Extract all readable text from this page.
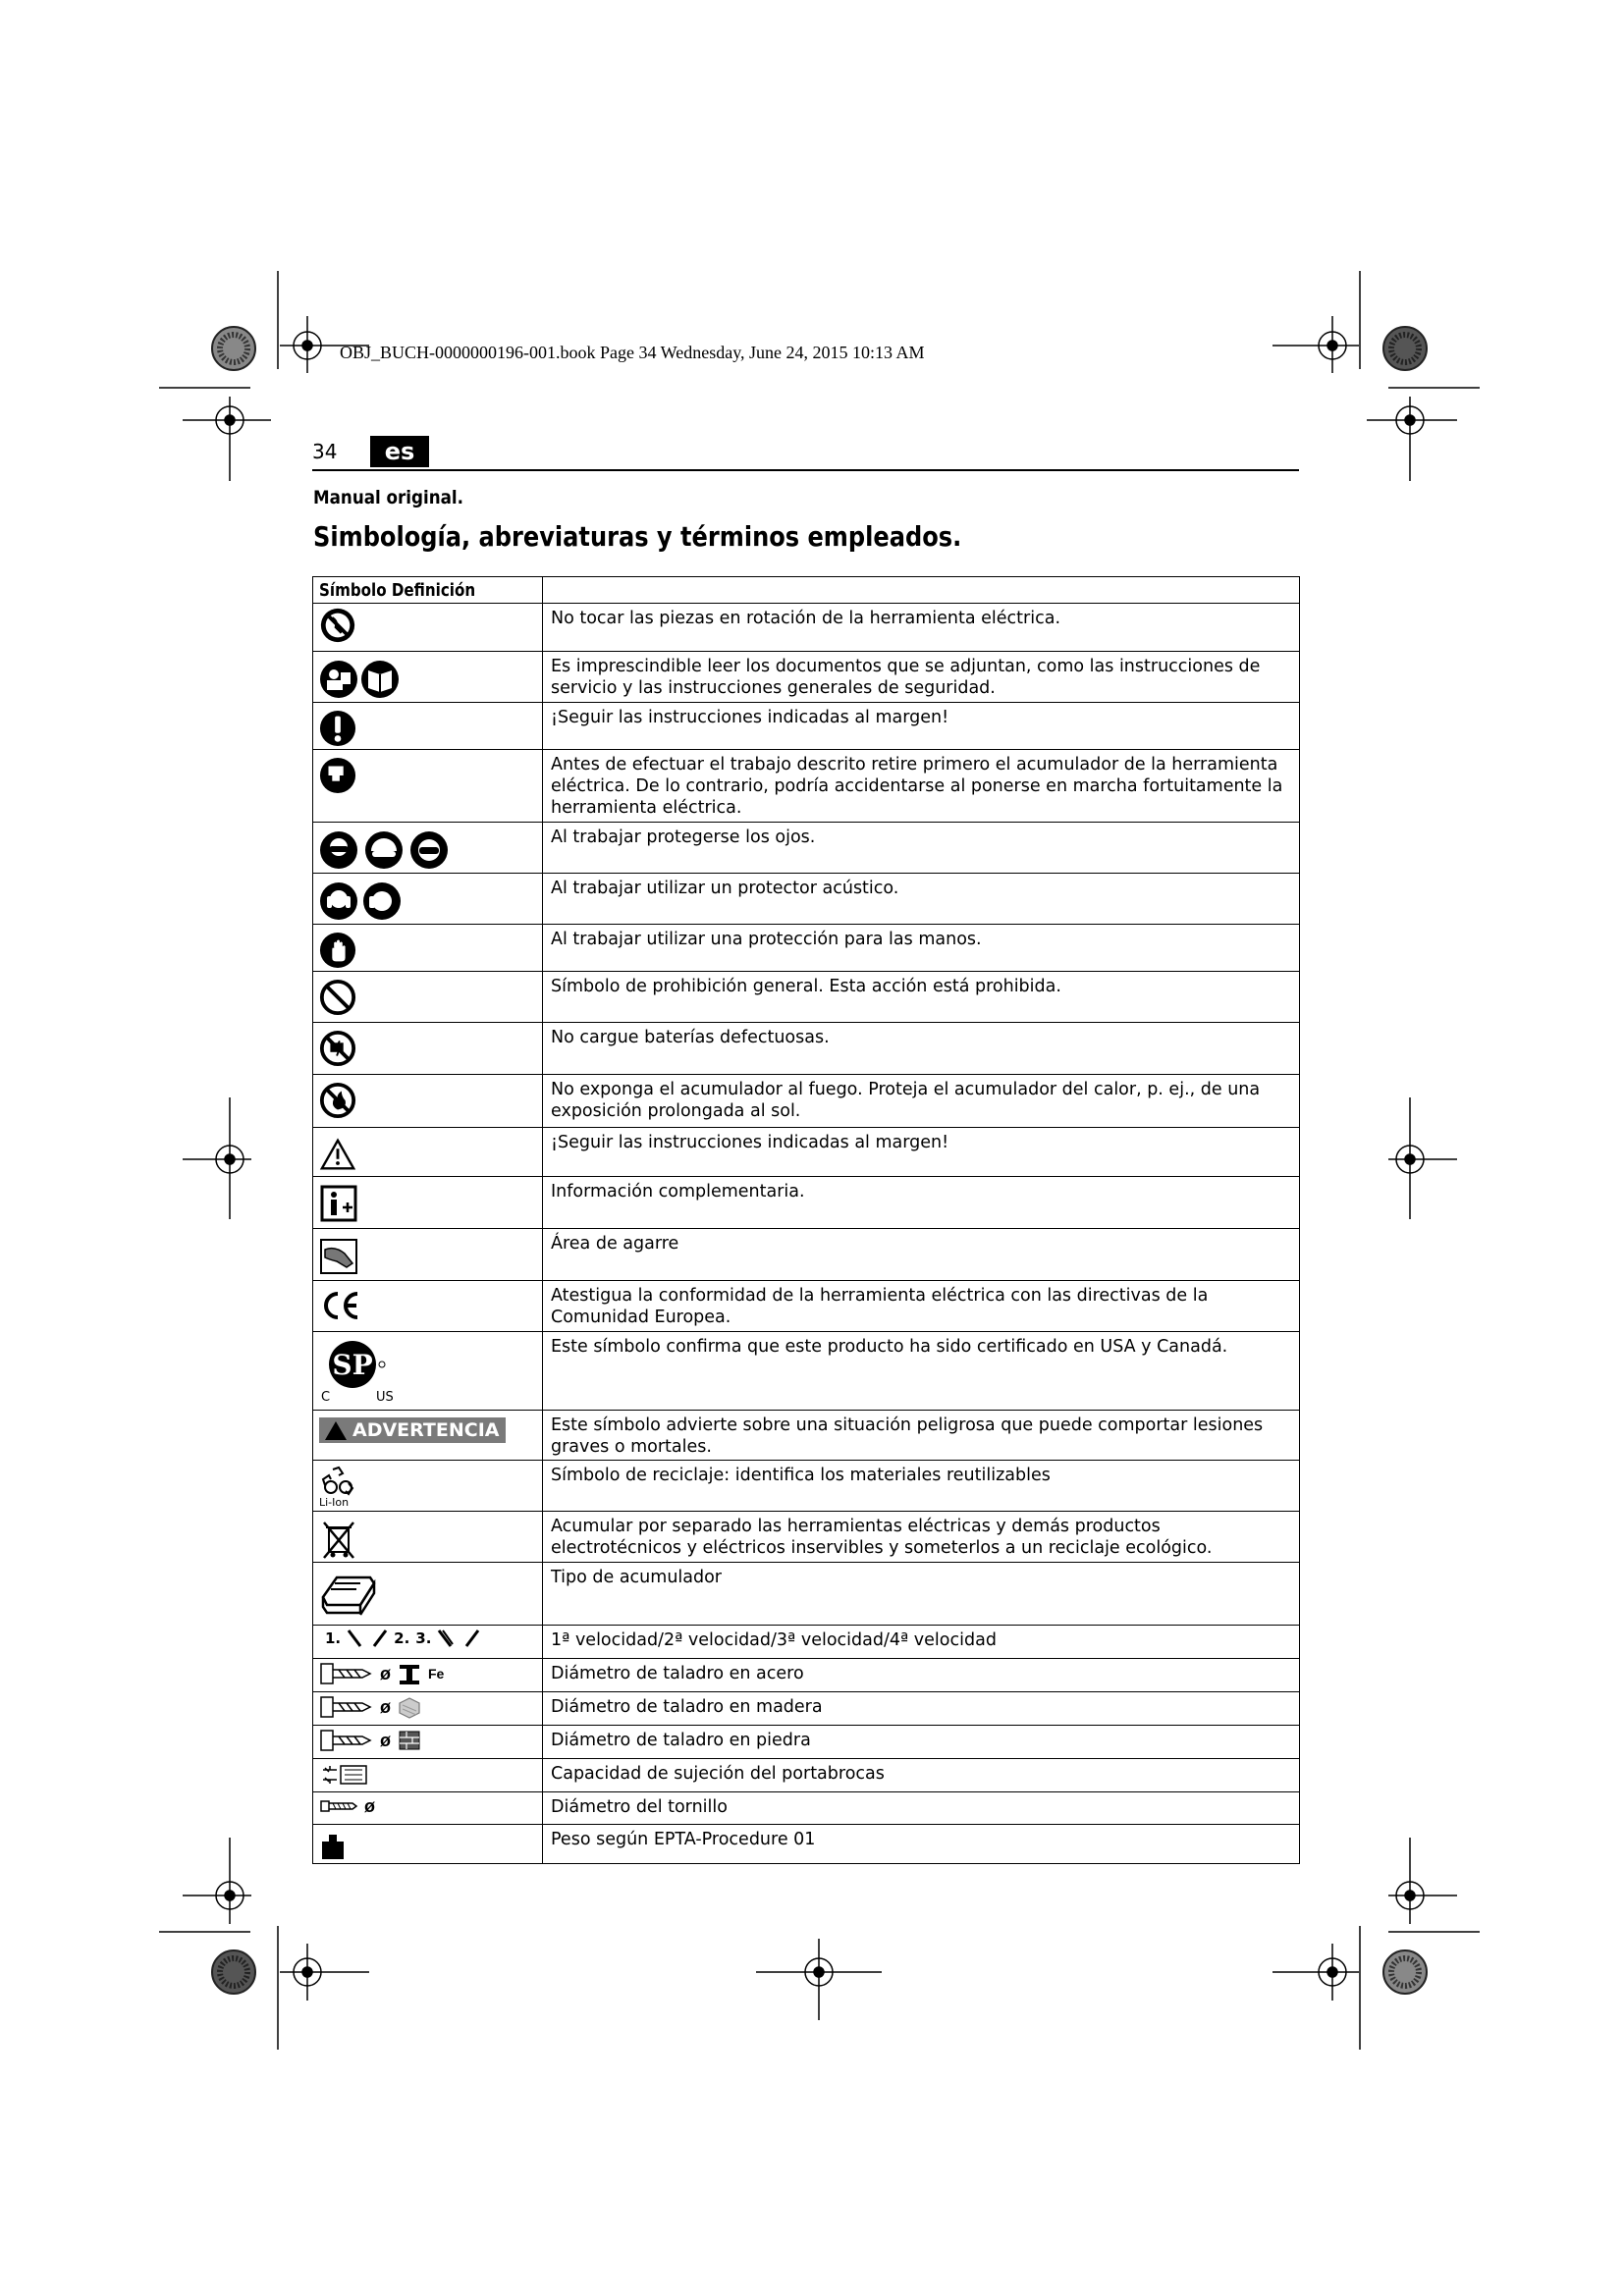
OBJ_BUCH-0000000196-001.book Page 34 Wednesday, June 24, 2015 10:13 AM
34	es
Manual original.
Simbología, abreviaturas y términos empleados.
Símbolo Definición	

	No tocar las piezas en rotación de la herramienta eléctrica.

	Es imprescindible leer los documentos que se adjuntan, como las instrucciones de servicio y las instrucciones generales de seguridad.

	¡Seguir las instrucciones indicadas al margen!

	Antes de efectuar el trabajo descrito retire primero el acumulador de la herramienta eléctrica. De lo contrario, podría accidentarse al ponerse en marcha fortuitamente la herramienta eléctrica.

	Al trabajar protegerse los ojos.

	Al trabajar utilizar un protector acústico.

	Al trabajar utilizar una protección para las manos.

	Símbolo de prohibición general. Esta acción está prohibida.

	No cargue baterías defectuosas.

	No exponga el acumulador al fuego. Proteja el acumulador del calor, p. ej., de una exposición prolongada al sol.

	¡Seguir las instrucciones indicadas al margen!

	Información complementaria.

	Área de agarre

	Atestigua la conformidad de la herramienta eléctrica con las directivas de la Comunidad Europea.

SP
C US	Este símbolo confirma que este producto ha sido certificado en USA y Canadá.

ADVERTENCIA	Este símbolo advierte sobre una situación peligrosa que puede comportar lesiones graves o mortales.

Li-Ion	Símbolo de reciclaje: identifica los materiales reutilizables

	Acumular por separado las herramientas eléctricas y demás productos electrotécnicos y eléctricos inservibles y someterlos a un reciclaje ecológico.

	Tipo de acumulador

1. 2. 3.	1ª velocidad/2ª velocidad/3ª velocidad/4ª velocidad

ø Fe	Diámetro de taladro en acero

ø	Diámetro de taladro en madera

ø	Diámetro de taladro en piedra

	Capacidad de sujeción del portabrocas

ø	Diámetro del tornillo

	Peso según EPTA-Procedure 01
